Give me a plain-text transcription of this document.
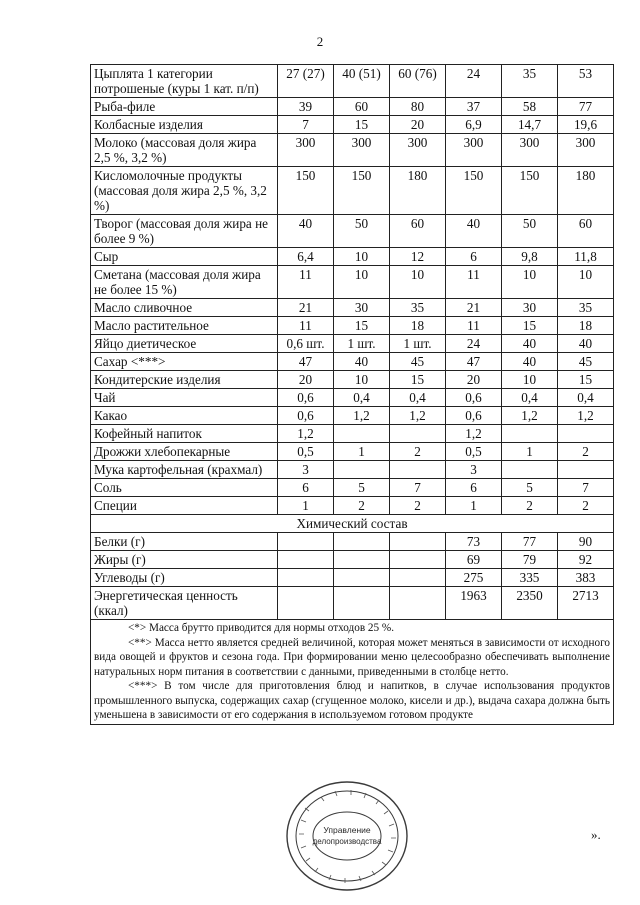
2
Цыплята 1 категории потрошеные (куры 1 кат. п/п)	27 (27)	40 (51)	60 (76)	24	35	53
Рыба-филе	39	60	80	37	58	77
Колбасные изделия	7	15	20	6,9	14,7	19,6
Молоко (массовая доля жира 2,5 %, 3,2 %)	300	300	300	300	300	300
Кисломолочные продукты (массовая доля жира 2,5 %, 3,2 %)	150	150	180	150	150	180
Творог (массовая доля жира не более 9 %)	40	50	60	40	50	60
Сыр	6,4	10	12	6	9,8	11,8
Сметана (массовая доля жира не более 15 %)	11	10	10	11	10	10
Масло сливочное	21	30	35	21	30	35
Масло растительное	11	15	18	11	15	18
Яйцо диетическое	0,6 шт.	1 шт.	1 шт.	24	40	40
Сахар <***>	47	40	45	47	40	45
Кондитерские изделия	20	10	15	20	10	15
Чай	0,6	0,4	0,4	0,6	0,4	0,4
Какао	0,6	1,2	1,2	0,6	1,2	1,2
Кофейный напиток	1,2			1,2		
Дрожжи хлебопекарные	0,5	1	2	0,5	1	2
Мука картофельная (крахмал)	3			3		
Соль	6	5	7	6	5	7
Специи	1	2	2	1	2	2
Химический состав						
Белки (г)				73	77	90
Жиры (г)				69	79	92
Углеводы (г)				275	335	383
Энергетическая ценность (ккал)				1963	2350	2713

<*> Масса брутто приводится для нормы отходов 25 %.

<**> Масса нетто является средней величиной, которая может меняться в зависимости от исходного вида овощей и фруктов и сезона года. При формировании меню целесообразно обеспечивать выполнение натуральных норм питания в соответствии с данными, приведенными в столбце нетто.

<***> В том числе для приготовления блюд и напитков, в случае использования продуктов промышленного выпуска, содержащих сахар (сгущенное молоко, кисели и др.), выдача сахара должна быть уменьшена в зависимости от его содержания в используемом готовом продукте						

».
Управление
делопроизводства
